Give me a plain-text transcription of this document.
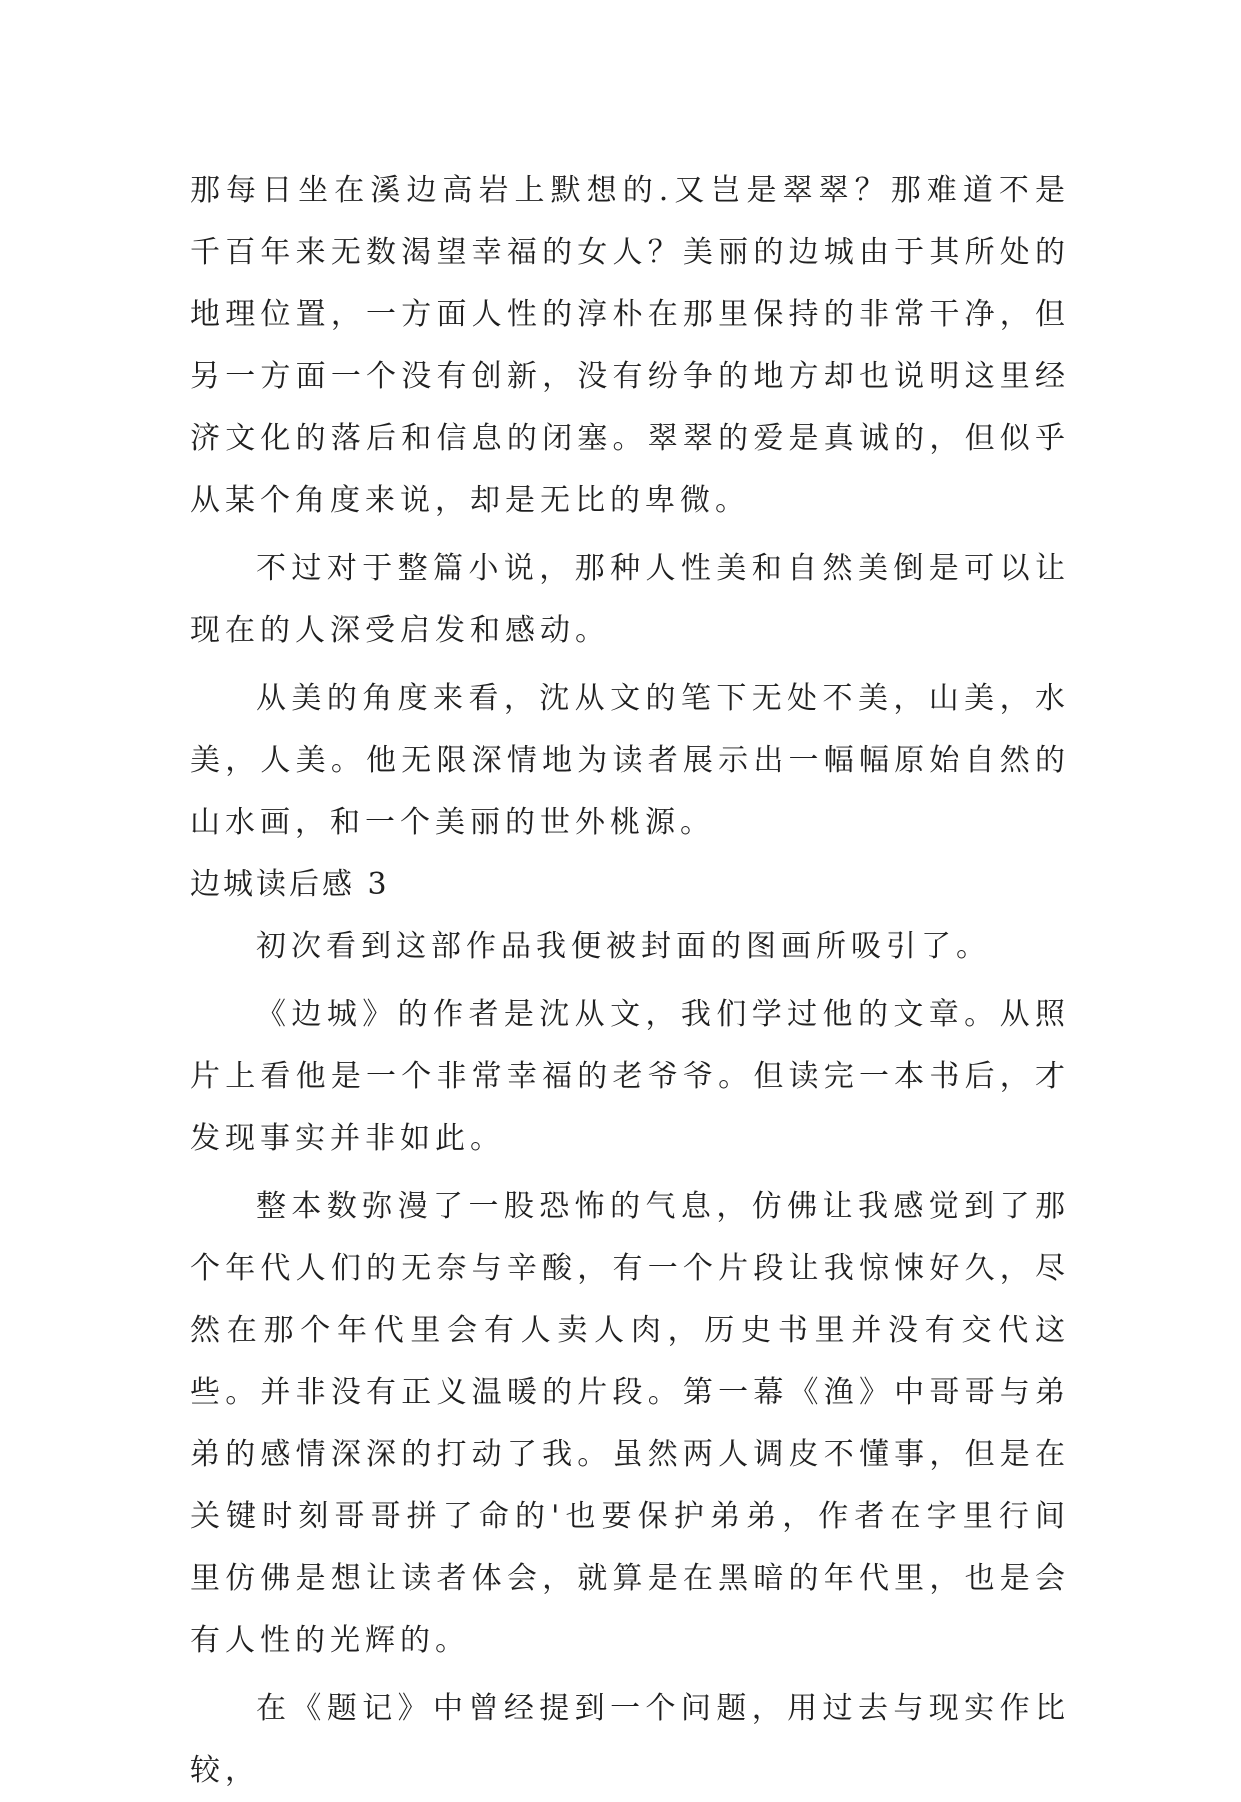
那每日坐在溪边高岩上默想的.又岂是翠翠？那难道不是千百年来无数渴望幸福的女人？美丽的边城由于其所处的地理位置，一方面人性的淳朴在那里保持的非常干净，但另一方面一个没有创新，没有纷争的地方却也说明这里经济文化的落后和信息的闭塞。翠翠的爱是真诚的，但似乎从某个角度来说，却是无比的卑微。

不过对于整篇小说，那种人性美和自然美倒是可以让现在的人深受启发和感动。

从美的角度来看，沈从文的笔下无处不美，山美，水美，人美。他无限深情地为读者展示出一幅幅原始自然的山水画，和一个美丽的世外桃源。

边城读后感 3

初次看到这部作品我便被封面的图画所吸引了。

《边城》的作者是沈从文，我们学过他的文章。从照片上看他是一个非常幸福的老爷爷。但读完一本书后，才发现事实并非如此。

整本数弥漫了一股恐怖的气息，仿佛让我感觉到了那个年代人们的无奈与辛酸，有一个片段让我惊悚好久，尽然在那个年代里会有人卖人肉，历史书里并没有交代这些。并非没有正义温暖的片段。第一幕《渔》中哥哥与弟弟的感情深深的打动了我。虽然两人调皮不懂事，但是在关键时刻哥哥拼了命的'也要保护弟弟，作者在字里行间里仿佛是想让读者体会，就算是在黑暗的年代里，也是会有人性的光辉的。

在《题记》中曾经提到一个问题，用过去与现实作比较，
